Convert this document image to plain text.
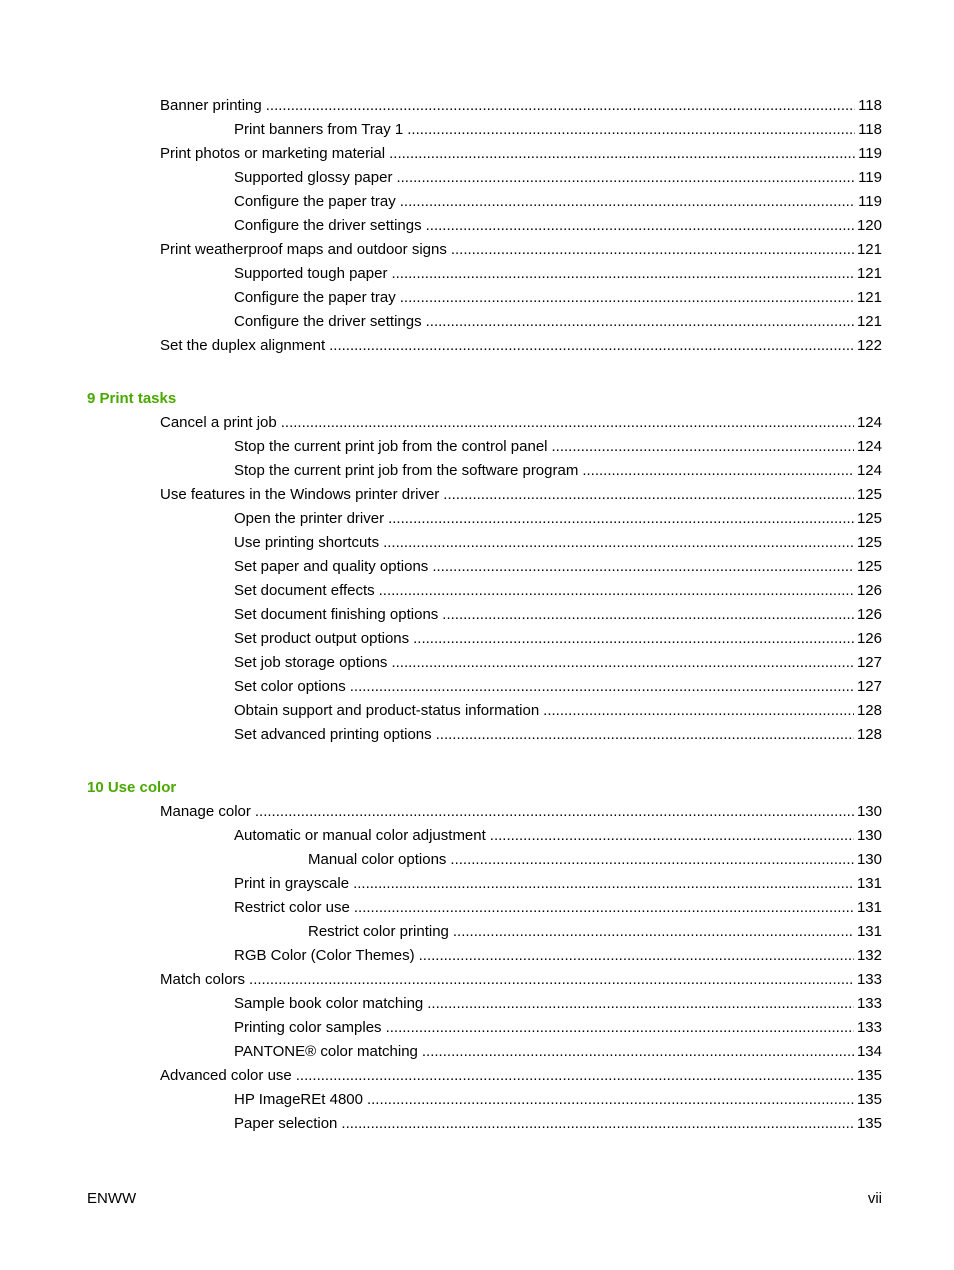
Banner printing .....	118
Print banners from Tray 1 .....	118
Print photos or marketing material .....	119
Supported glossy paper .....	119
Configure the paper tray .....	119
Configure the driver settings .....	120
Print weatherproof maps and outdoor signs .....	121
Supported tough paper .....	121
Configure the paper tray .....	121
Configure the driver settings .....	121
Set the duplex alignment .....	122
9 Print tasks
Cancel a print job .....	124
Stop the current print job from the control panel .....	124
Stop the current print job from the software program .....	124
Use features in the Windows printer driver .....	125
Open the printer driver .....	125
Use printing shortcuts .....	125
Set paper and quality options .....	125
Set document effects .....	126
Set document finishing options .....	126
Set product output options .....	126
Set job storage options .....	127
Set color options .....	127
Obtain support and product-status information .....	128
Set advanced printing options .....	128
10 Use color
Manage color .....	130
Automatic or manual color adjustment .....	130
Manual color options .....	130
Print in grayscale .....	131
Restrict color use .....	131
Restrict color printing .....	131
RGB Color (Color Themes) .....	132
Match colors .....	133
Sample book color matching .....	133
Printing color samples .....	133
PANTONE® color matching .....	134
Advanced color use .....	135
HP ImageREt 4800 .....	135
Paper selection .....	135
ENWW	vii
